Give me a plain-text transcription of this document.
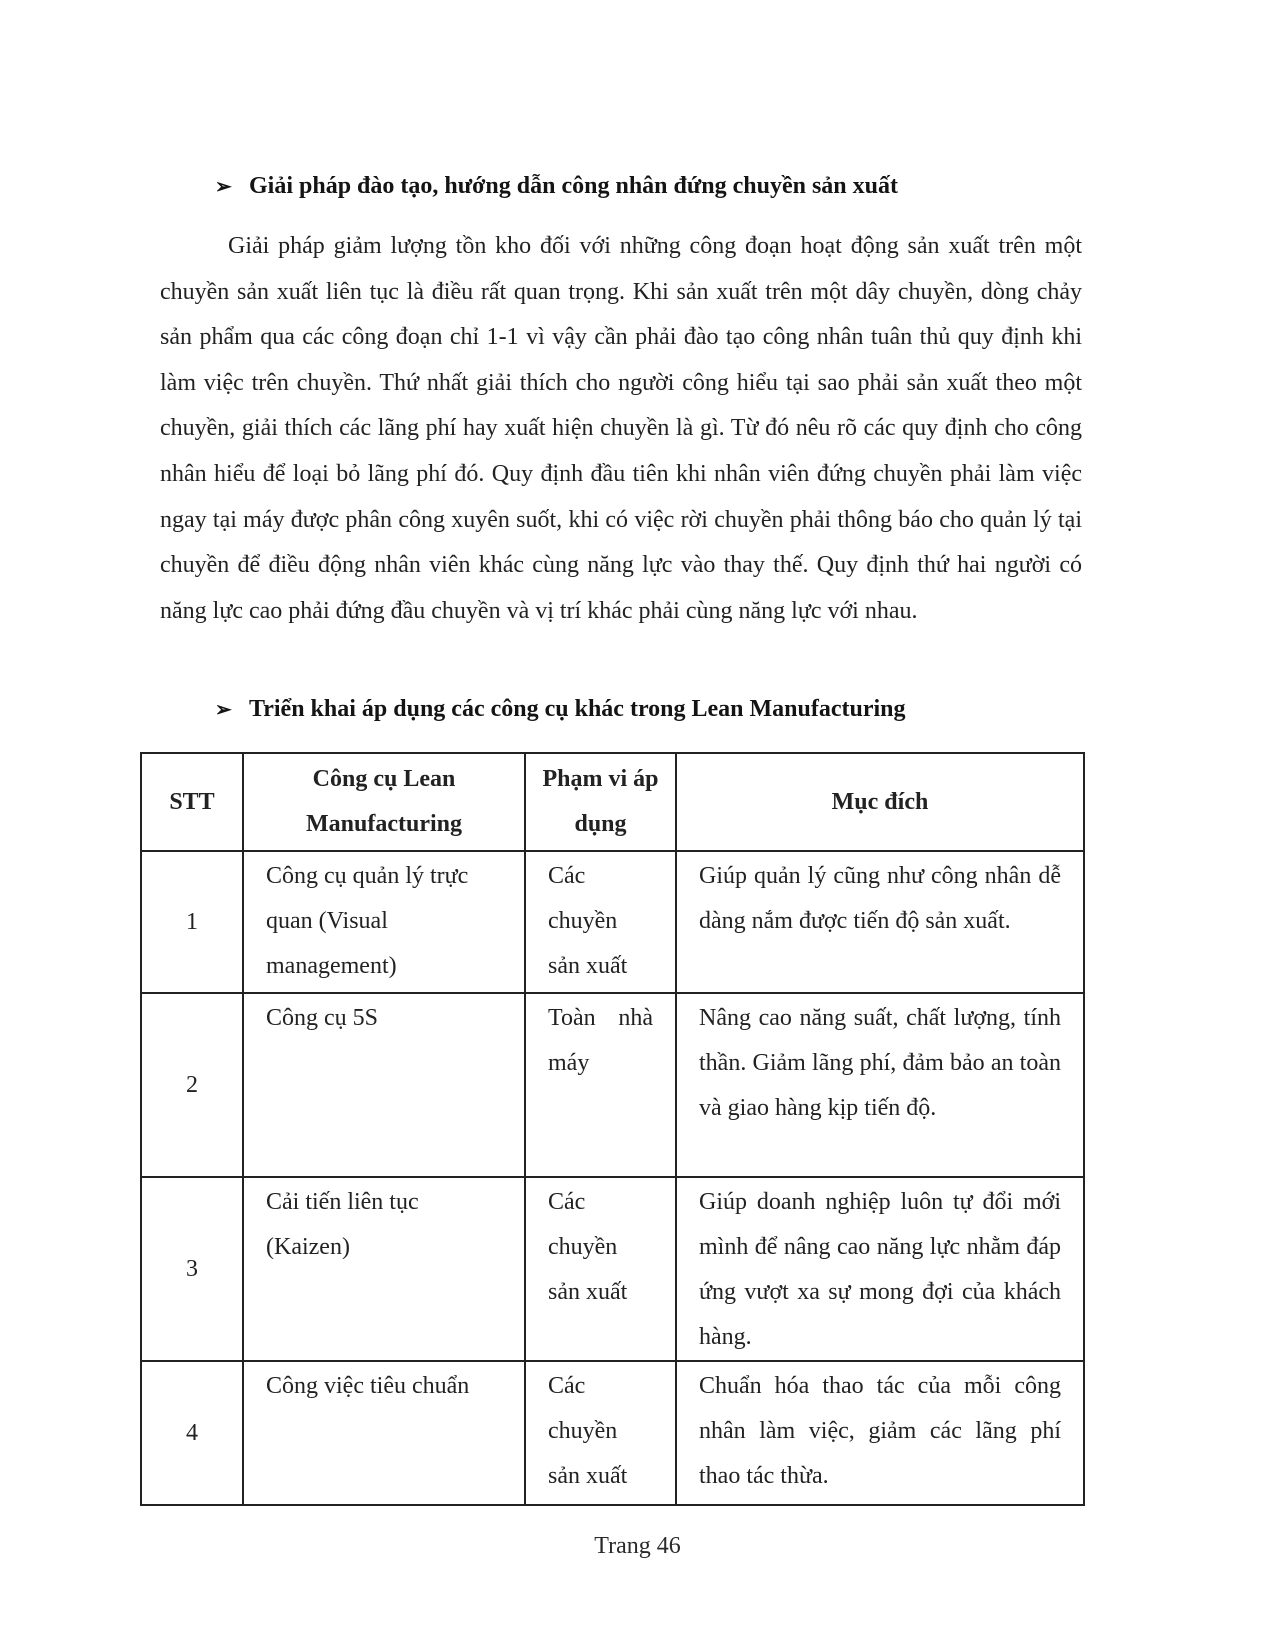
➢ Giải pháp đào tạo, hướng dẫn công nhân đứng chuyền sản xuất

Giải pháp giảm lượng tồn kho đối với những công đoạn hoạt động sản xuất trên một chuyền sản xuất liên tục là điều rất quan trọng. Khi sản xuất trên một dây chuyền, dòng chảy sản phẩm qua các công đoạn chỉ 1-1 vì vậy cần phải đào tạo công nhân tuân thủ quy định khi làm việc trên chuyền. Thứ nhất giải thích cho người công hiểu tại sao phải sản xuất theo một chuyền, giải thích các lãng phí hay xuất hiện chuyền là gì. Từ đó nêu rõ các quy định cho công nhân hiểu để loại bỏ lãng phí đó. Quy định đầu tiên khi nhân viên đứng chuyền phải làm việc ngay tại máy được phân công xuyên suốt, khi có việc rời chuyền phải thông báo cho quản lý tại chuyền để điều động nhân viên khác cùng năng lực vào thay thế. Quy định thứ hai người có năng lực cao phải đứng đầu chuyền và vị trí khác phải cùng năng lực với nhau.

➢ Triển khai áp dụng các công cụ khác trong Lean Manufacturing
STT	Công cụ Lean Manufacturing	Phạm vi áp dụng	Mục đích
1	Công cụ quản lý trực quan (Visual management)	Các chuyền sản xuất	Giúp quản lý cũng như công nhân dễ dàng nắm được tiến độ sản xuất.
2	Công cụ 5S	Toàn nhà máy	Nâng cao năng suất, chất lượng, tính thần. Giảm lãng phí, đảm bảo an toàn và giao hàng kịp tiến độ.
3	Cải tiến liên tục (Kaizen)	Các chuyền sản xuất	Giúp doanh nghiệp luôn tự đổi mới mình để nâng cao năng lực nhằm đáp ứng vượt xa sự mong đợi của khách hàng.
4	Công việc tiêu chuẩn	Các chuyền sản xuất	Chuẩn hóa thao tác của mỗi công nhân làm việc, giảm các lãng phí thao tác thừa.
Trang 46
